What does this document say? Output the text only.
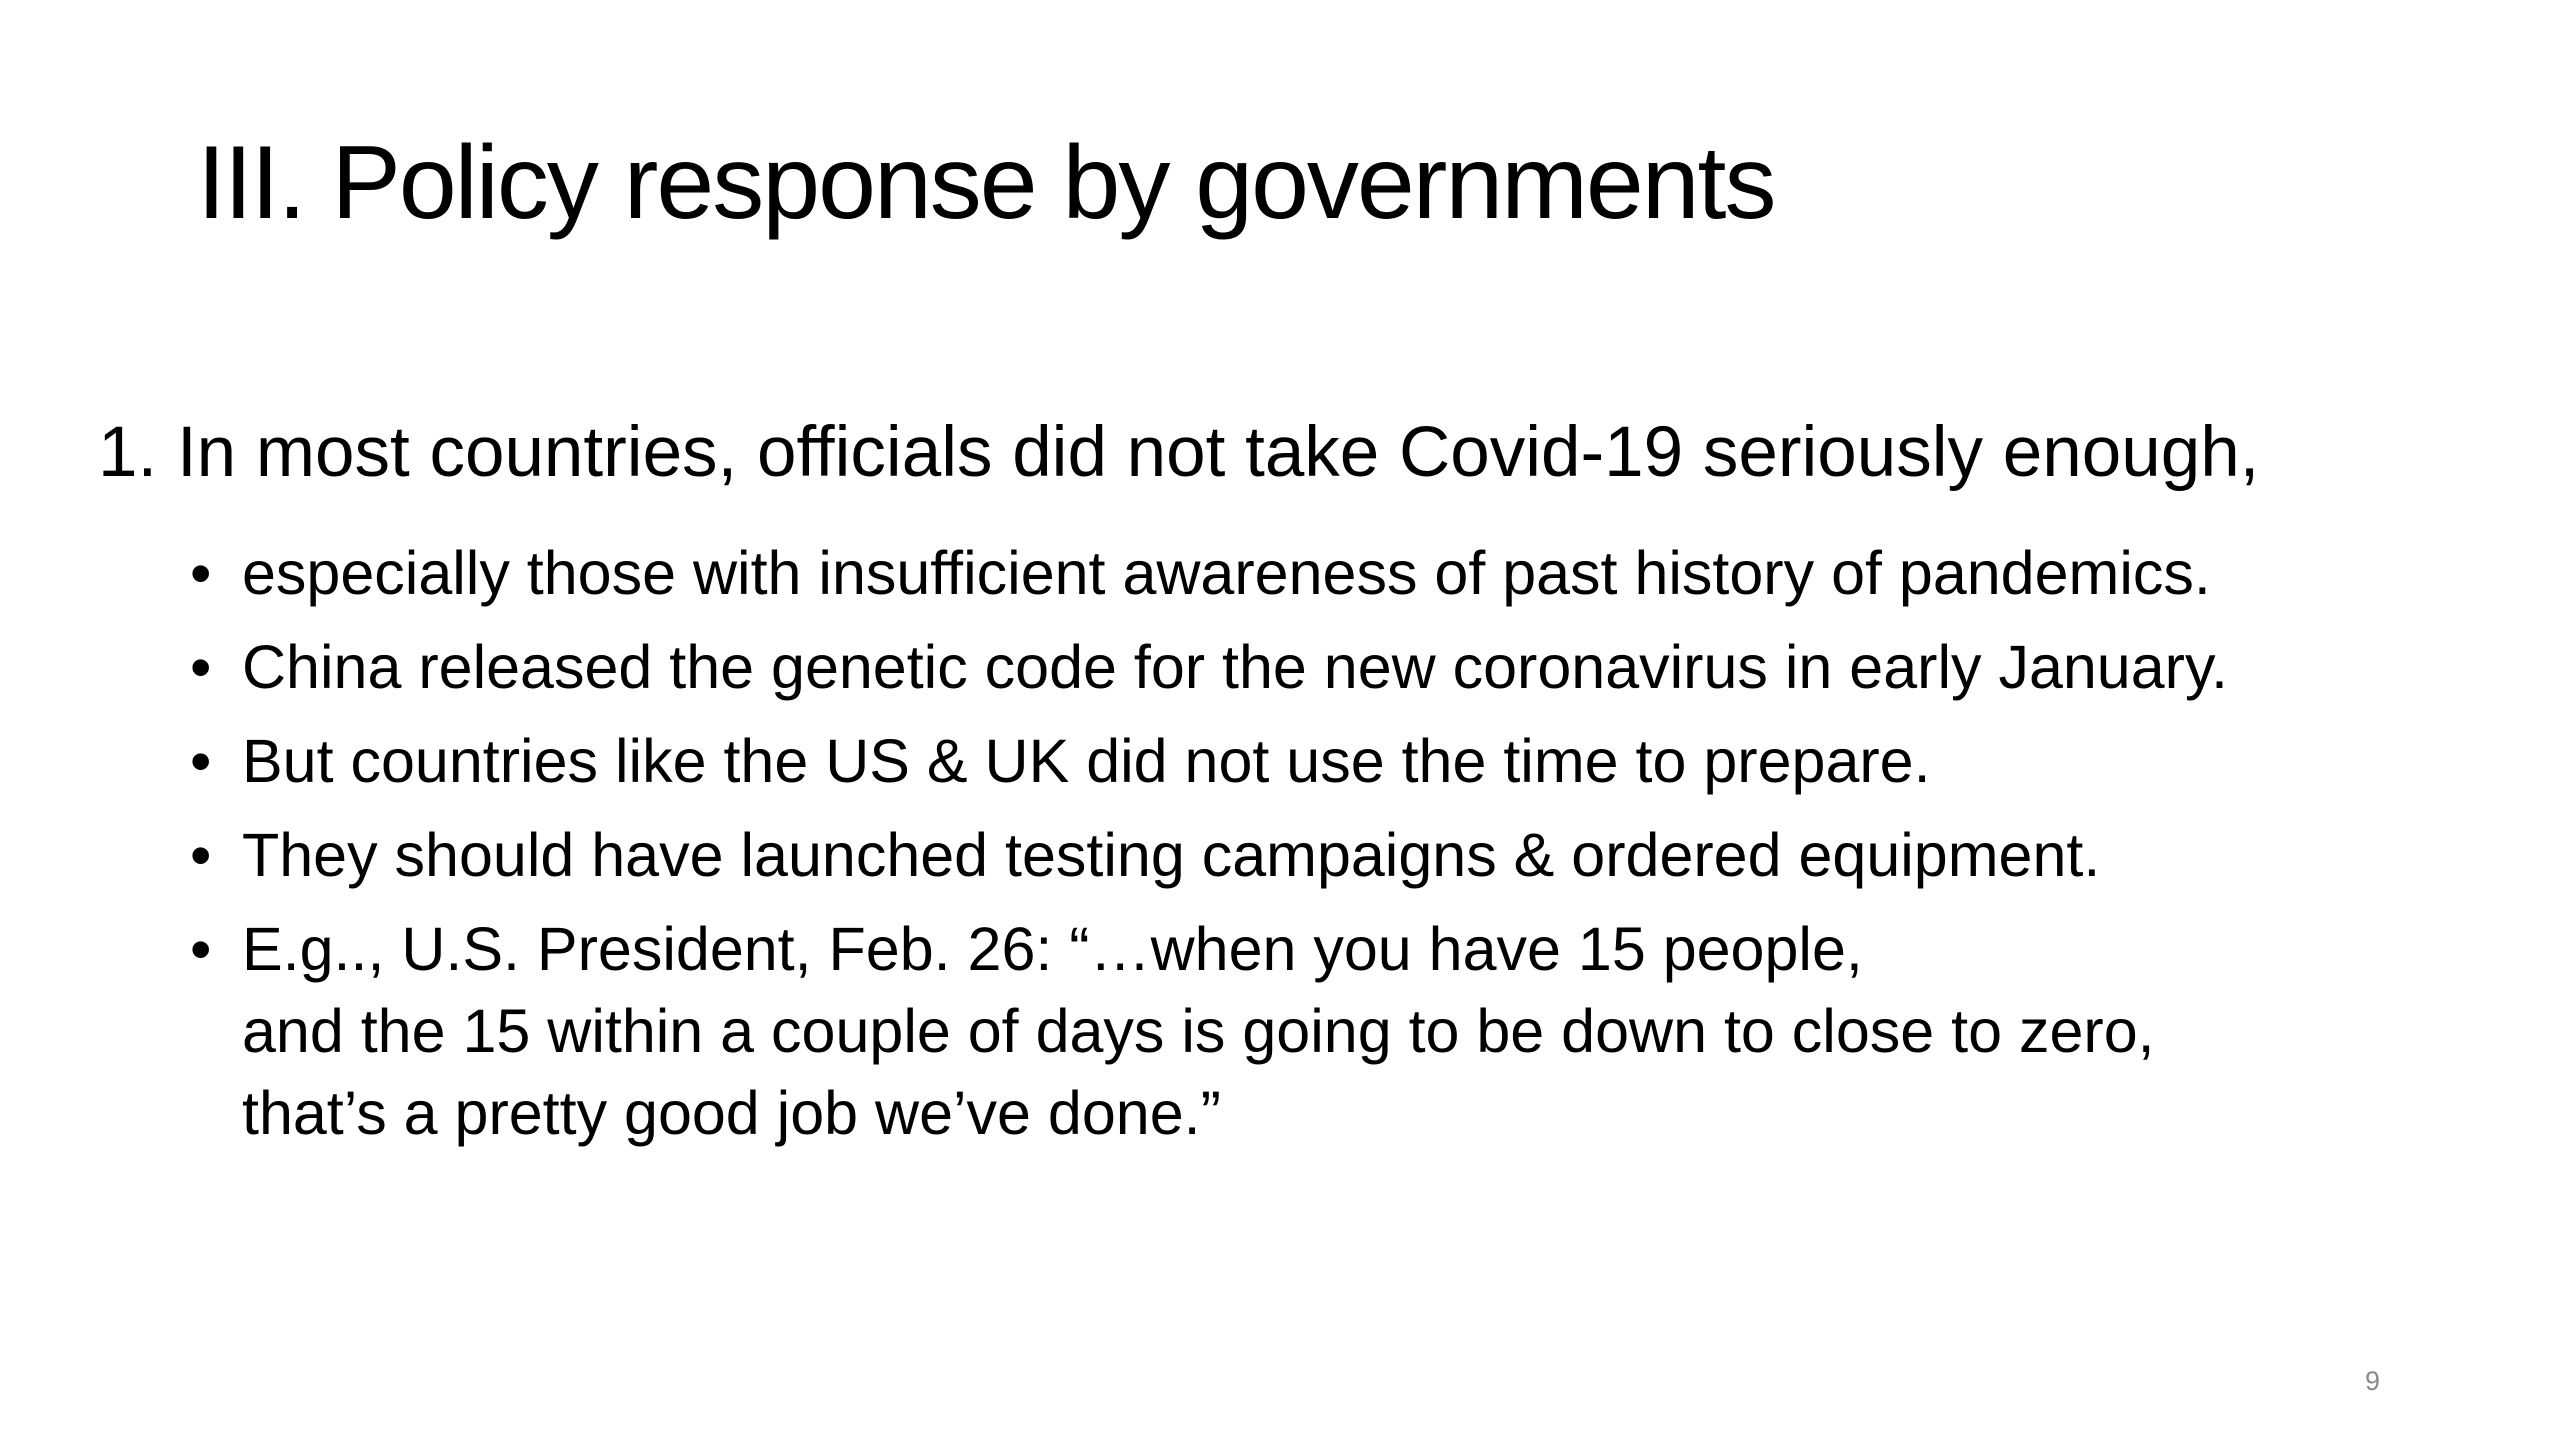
III. Policy response by governments

1. In most countries, officials did not take Covid-19 seriously enough,

• especially those with insufficient awareness of past history of pandemics.
• China released the genetic code for the new coronavirus in early January.
• But countries like the US & UK did not use the time to prepare.
• They should have launched testing campaigns & ordered equipment.
• E.g.., U.S. President, Feb. 26: “…when you have 15 people,
and the 15 within a couple of days is going to be down to close to zero,
that’s a pretty good job we’ve done.”
9
